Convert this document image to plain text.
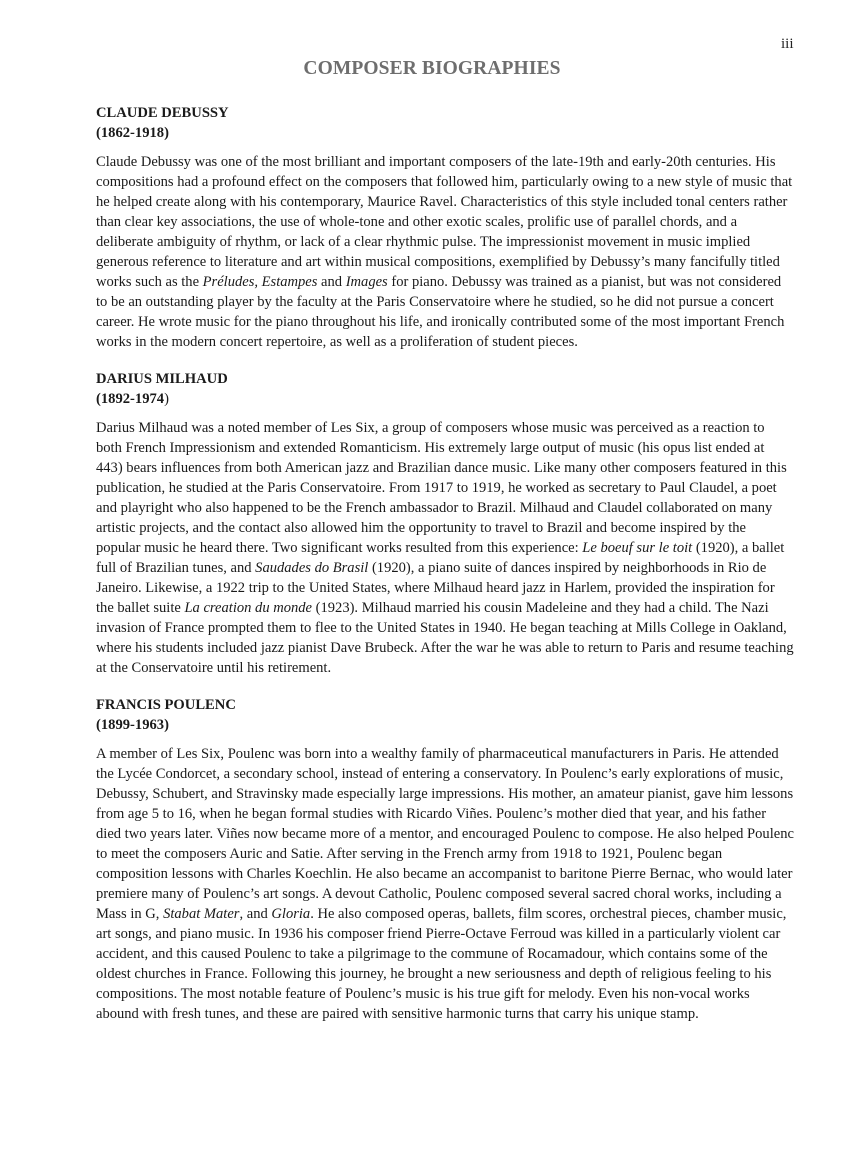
iii
COMPOSER BIOGRAPHIES
CLAUDE DEBUSSY
(1862-1918)
Claude Debussy was one of the most brilliant and important composers of the late-19th and early-20th centuries. His compositions had a profound effect on the composers that followed him, particularly owing to a new style of music that he helped create along with his contemporary, Maurice Ravel. Characteristics of this style included tonal centers rather than clear key associations, the use of whole-tone and other exotic scales, prolific use of parallel chords, and a deliberate ambiguity of rhythm, or lack of a clear rhythmic pulse. The impressionist movement in music implied generous reference to literature and art within musical compositions, exemplified by Debussy’s many fancifully titled works such as the Préludes, Estampes and Images for piano. Debussy was trained as a pianist, but was not considered to be an outstanding player by the faculty at the Paris Conservatoire where he studied, so he did not pursue a concert career. He wrote music for the piano throughout his life, and ironically contributed some of the most important French works in the modern concert repertoire, as well as a proliferation of student pieces.
DARIUS MILHAUD
(1892-1974)
Darius Milhaud was a noted member of Les Six, a group of composers whose music was perceived as a reaction to both French Impressionism and extended Romanticism. His extremely large output of music (his opus list ended at 443) bears influences from both American jazz and Brazilian dance music. Like many other composers featured in this publication, he studied at the Paris Conservatoire. From 1917 to 1919, he worked as secretary to Paul Claudel, a poet and playright who also happened to be the French ambassador to Brazil. Milhaud and Claudel collaborated on many artistic projects, and the contact also allowed him the opportunity to travel to Brazil and become inspired by the popular music he heard there. Two significant works resulted from this experience: Le boeuf sur le toit (1920), a ballet full of Brazilian tunes, and Saudades do Brasil (1920), a piano suite of dances inspired by neighborhoods in Rio de Janeiro. Likewise, a 1922 trip to the United States, where Milhaud heard jazz in Harlem, provided the inspiration for the ballet suite La creation du monde (1923). Milhaud married his cousin Madeleine and they had a child. The Nazi invasion of France prompted them to flee to the United States in 1940. He began teaching at Mills College in Oakland, where his students included jazz pianist Dave Brubeck. After the war he was able to return to Paris and resume teaching at the Conservatoire until his retirement.
FRANCIS POULENC
(1899-1963)
A member of Les Six, Poulenc was born into a wealthy family of pharmaceutical manufacturers in Paris. He attended the Lycée Condorcet, a secondary school, instead of entering a conservatory. In Poulenc’s early explorations of music, Debussy, Schubert, and Stravinsky made especially large impressions. His mother, an amateur pianist, gave him lessons from age 5 to 16, when he began formal studies with Ricardo Viñes. Poulenc’s mother died that year, and his father died two years later. Viñes now became more of a mentor, and encouraged Poulenc to compose. He also helped Poulenc to meet the composers Auric and Satie. After serving in the French army from 1918 to 1921, Poulenc began composition lessons with Charles Koechlin. He also became an accompanist to baritone Pierre Bernac, who would later premiere many of Poulenc’s art songs. A devout Catholic, Poulenc composed several sacred choral works, including a Mass in G, Stabat Mater, and Gloria. He also composed operas, ballets, film scores, orchestral pieces, chamber music, art songs, and piano music. In 1936 his composer friend Pierre-Octave Ferroud was killed in a particularly violent car accident, and this caused Poulenc to take a pilgrimage to the commune of Rocamadour, which contains some of the oldest churches in France. Following this journey, he brought a new seriousness and depth of religious feeling to his compositions. The most notable feature of Poulenc’s music is his true gift for melody. Even his non-vocal works abound with fresh tunes, and these are paired with sensitive harmonic turns that carry his unique stamp.
